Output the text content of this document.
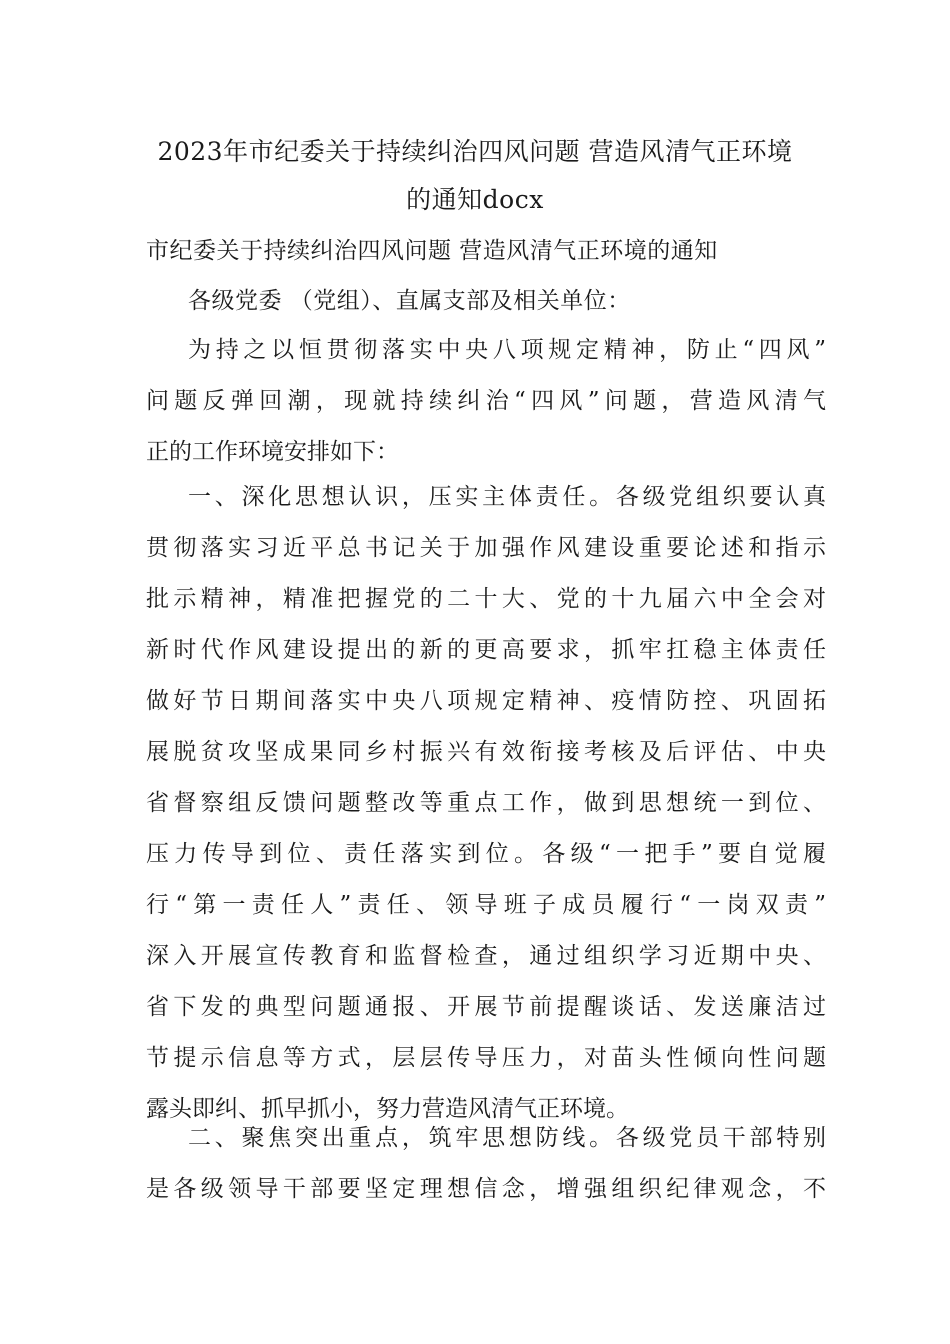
2023年市纪委关于持续纠治四风问题 营造风清气正环境
的通知docx
市纪委关于持续纠治四风问题 营造风清气正环境的通知
各级党委 （党组）、直属支部及相关单位：
为持之以恒贯彻落实中央八项规定精神，防止“四风”
问题反弹回潮，现就持续纠治“四风”问题，营造风清气
正的工作环境安排如下：
一、深化思想认识，压实主体责任。各级党组织要认真
贯彻落实习近平总书记关于加强作风建设重要论述和指示
批示精神，精准把握党的二十大、党的十九届六中全会对
新时代作风建设提出的新的更高要求，抓牢扛稳主体责任
做好节日期间落实中央八项规定精神、疫情防控、巩固拓
展脱贫攻坚成果同乡村振兴有效衔接考核及后评估、中央
省督察组反馈问题整改等重点工作，做到思想统一到位、
压力传导到位、责任落实到位。各级“一把手”要自觉履
行“第一责任人”责任、领导班子成员履行“一岗双责”
深入开展宣传教育和监督检查，通过组织学习近期中央、
省下发的典型问题通报、开展节前提醒谈话、发送廉洁过
节提示信息等方式，层层传导压力，对苗头性倾向性问题
露头即纠、抓早抓小，努力营造风清气正环境。
二、聚焦突出重点，筑牢思想防线。各级党员干部特别
是各级领导干部要坚定理想信念，增强组织纪律观念，不
